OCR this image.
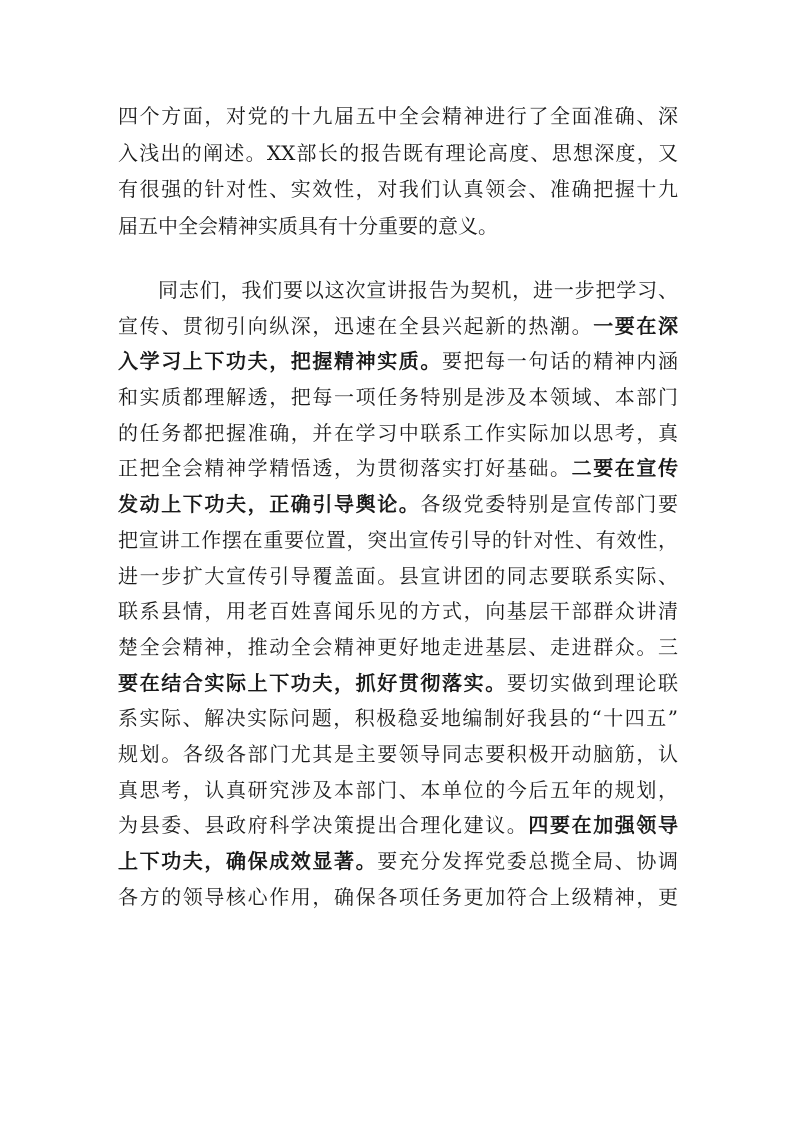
四个方面，对党的十九届五中全会精神进行了全面准确、深
入浅出的阐述。XX部长的报告既有理论高度、思想深度，又
有很强的针对性、实效性，对我们认真领会、准确把握十九
届五中全会精神实质具有十分重要的意义。
同志们，我们要以这次宣讲报告为契机，进一步把学习、
宣传、贯彻引向纵深，迅速在全县兴起新的热潮。一要在深
入学习上下功夫，把握精神实质。要把每一句话的精神内涵
和实质都理解透，把每一项任务特别是涉及本领域、本部门
的任务都把握准确，并在学习中联系工作实际加以思考，真
正把全会精神学精悟透，为贯彻落实打好基础。二要在宣传
发动上下功夫，正确引导舆论。各级党委特别是宣传部门要
把宣讲工作摆在重要位置，突出宣传引导的针对性、有效性，
进一步扩大宣传引导覆盖面。县宣讲团的同志要联系实际、
联系县情，用老百姓喜闻乐见的方式，向基层干部群众讲清
楚全会精神，推动全会精神更好地走进基层、走进群众。三
要在结合实际上下功夫，抓好贯彻落实。要切实做到理论联
系实际、解决实际问题，积极稳妥地编制好我县的“十四五”
规划。各级各部门尤其是主要领导同志要积极开动脑筋，认
真思考，认真研究涉及本部门、本单位的今后五年的规划，
为县委、县政府科学决策提出合理化建议。四要在加强领导
上下功夫，确保成效显著。要充分发挥党委总揽全局、协调
各方的领导核心作用，确保各项任务更加符合上级精神，更
